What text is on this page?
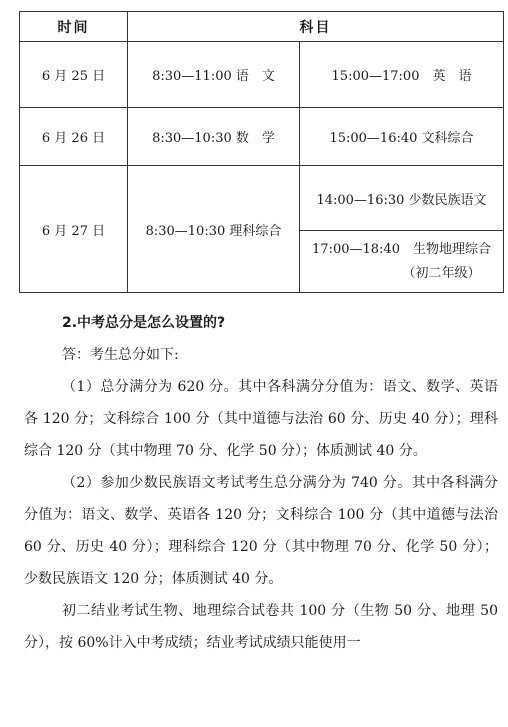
时间	科目	
6 月 25 日	8:30—11:00 语　文	15:00—17:00　英　语
6 月 26 日	8:30—10:30 数　学	15:00—16:40 文科综合
6 月 27 日	8:30—10:30 理科综合	14:00—16:30 少数民族语文

		17:00—18:40　生物地理综合
（初二年级）

2.中考总分是怎么设置的?

答：考生总分如下:

（1）总分满分为 620 分。其中各科满分分值为：语文、数学、英语各 120 分；文科综合 100 分（其中道德与法治 60 分、历史 40 分）；理科综合 120 分（其中物理 70 分、化学 50 分）；体质测试 40 分。

（2）参加少数民族语文考试考生总分满分为 740 分。其中各科满分分值为：语文、数学、英语各 120 分；文科综合 100 分（其中道德与法治 60 分、历史 40 分）；理科综合 120 分（其中物理 70 分、化学 50 分）；少数民族语文 120 分；体质测试 40 分。

初二结业考试生物、地理综合试卷共 100 分（生物 50 分、地理 50 分），按 60%计入中考成绩；结业考试成绩只能使用一
